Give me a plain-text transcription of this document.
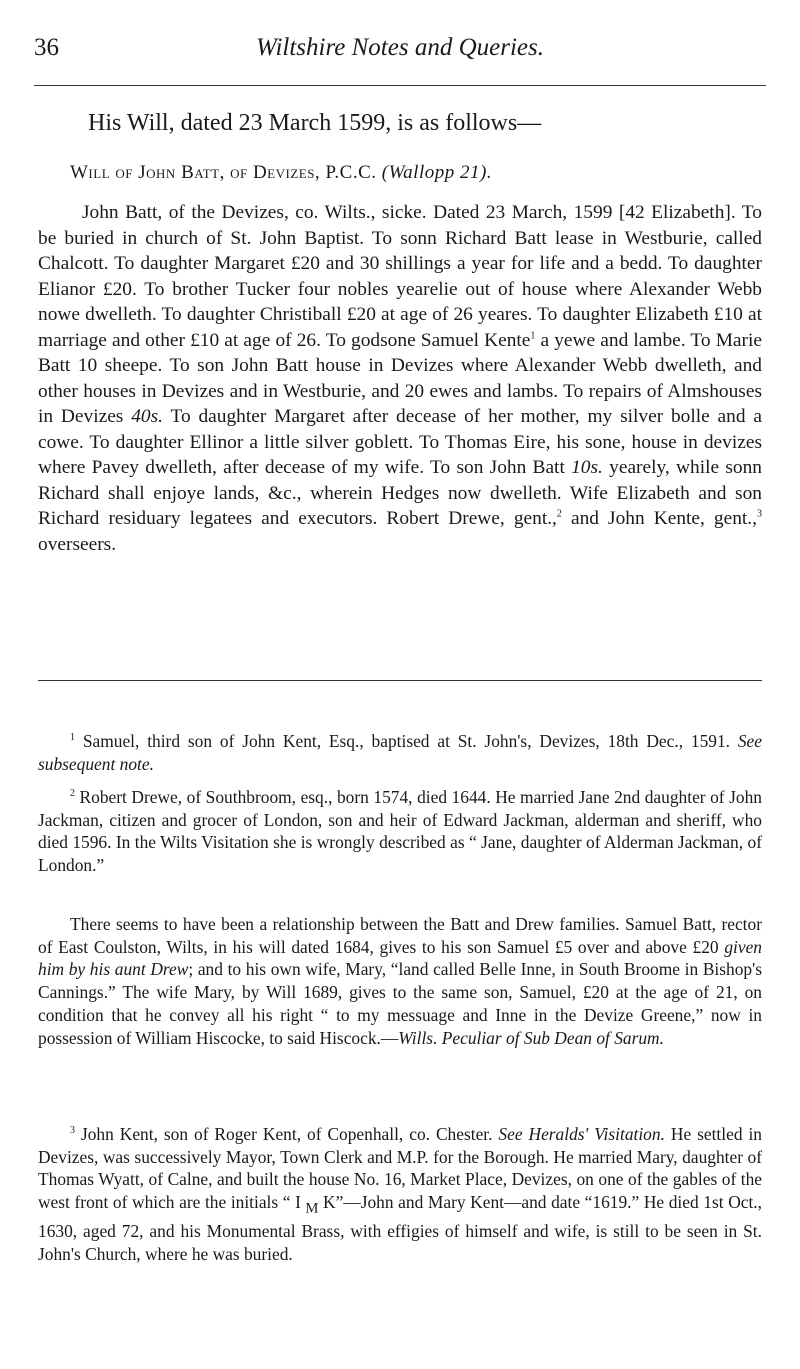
36	Wiltshire Notes and Queries.
His Will, dated 23 March 1599, is as follows—
Will of John Batt, of Devizes, P.C.C. (Wallopp 21).

John Batt, of the Devizes, co. Wilts., sicke. Dated 23 March, 1599 [42 Elizabeth]. To be buried in church of St. John Baptist. To sonn Richard Batt lease in Westburie, called Chalcott. To daughter Margaret £20 and 30 shillings a year for life and a bedd. To daughter Elianor £20. To brother Tucker four nobles yearelie out of house where Alexander Webb nowe dwelleth. To daughter Christiball £20 at age of 26 yeares. To daughter Elizabeth £10 at marriage and other £10 at age of 26. To godsone Samuel Kente$^1$ a yewe and lambe. To Marie Batt 10 sheepe. To son John Batt house in Devizes where Alexander Webb dwelleth, and other houses in Devizes and in Westburie, and 20 ewes and lambs. To repairs of Almshouses in Devizes 40s. To daughter Margaret after decease of her mother, my silver bolle and a cowe. To daughter Ellinor a little silver goblett. To Thomas Eire, his sone, house in devizes where Pavey dwelleth, after decease of my wife. To son John Batt 10s. yearely, while sonn Richard shall enjoye lands, &c., wherein Hedges now dwelleth. Wife Elizabeth and son Richard residuary legatees and executors. Robert Drewe, gent.,$^2$ and John Kente, gent.,$^3$ overseers.

$^1$ Samuel, third son of John Kent, Esq., baptised at St. John's, Devizes, 18th Dec., 1591. See subsequent note.

$^2$ Robert Drewe, of Southbroom, esq., born 1574, died 1644. He married Jane 2nd daughter of John Jackman, citizen and grocer of London, son and heir of Edward Jackman, alderman and sheriff, who died 1596. In the Wilts Visitation she is wrongly described as “ Jane, daughter of Alderman Jackman, of London.”

There seems to have been a relationship between the Batt and Drew families. Samuel Batt, rector of East Coulston, Wilts, in his will dated 1684, gives to his son Samuel £5 over and above £20 given him by his aunt Drew; and to his own wife, Mary, “land called Belle Inne, in South Broome in Bishop's Cannings.” The wife Mary, by Will 1689, gives to the same son, Samuel, £20 at the age of 21, on condition that he convey all his right “ to my messuage and Inne in the Devize Greene,” now in possession of William Hiscocke, to said Hiscock.—Wills. Peculiar of Sub Dean of Sarum.

$^3$ John Kent, son of Roger Kent, of Copenhall, co. Chester. See Heralds' Visitation. He settled in Devizes, was successively Mayor, Town Clerk and M.P. for the Borough. He married Mary, daughter of Thomas Wyatt, of Calne, and built the house No. 16, Market Place, Devizes, on one of the gables of the west front of which are the initials “ I $_M$ K”—John and Mary Kent—and date “1619.” He died 1st Oct., 1630, aged 72, and his Monumental Brass, with effigies of himself and wife, is still to be seen in St. John's Church, where he was buried.
